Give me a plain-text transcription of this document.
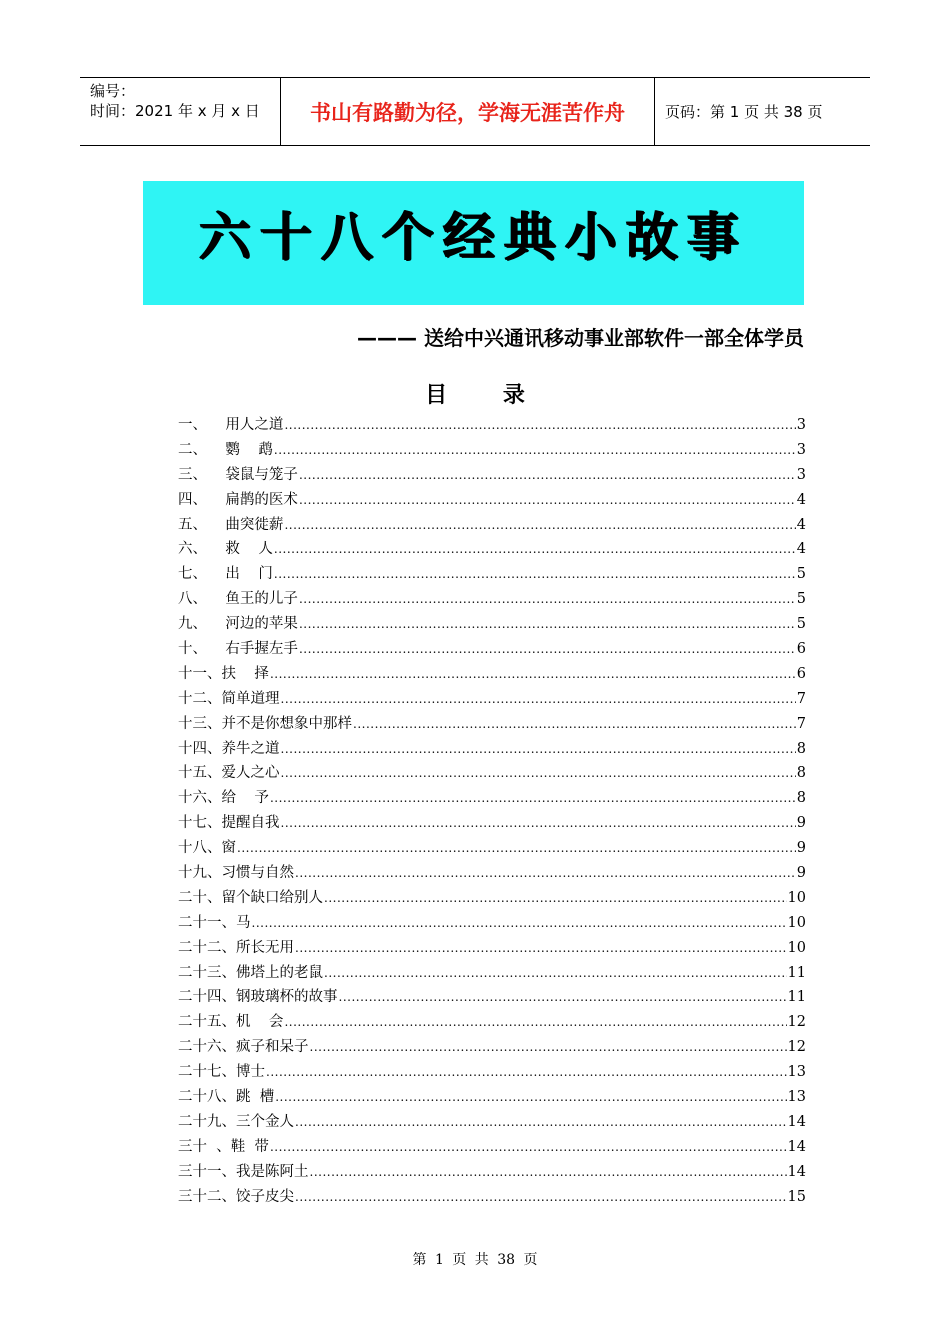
编号：
时间：2021 年 x 月 x 日	书山有路勤为径，学海无涯苦作舟	页码：第 1 页 共 38 页
六十八个经典小故事
——— 送给中兴通讯移动事业部软件一部全体学员
目 录
一、 用人之道 .....	3
二、 鹦    鹉 .....	3
三、 袋鼠与笼子 .....	3
四、 扁鹊的医术 .....	4
五、 曲突徙薪 .....	4
六、 救    人 .....	4
七、 出    门 .....	5
八、 鱼王的儿子 .....	5
九、 河边的苹果 .....	5
十、 右手握左手 .....	6
十一、 扶    择 .....	6
十二、 简单道理 .....	7
十三、 并不是你想象中那样 .....	7
十四、 养牛之道 .....	8
十五、 爱人之心 .....	8
十六、 给    予 .....	8
十七、 提醒自我 .....	9
十八、 窗 .....	9
十九、 习惯与自然 .....	9
二十、 留个缺口给别人 .....	10
二十一、 马 .....	10
二十二、 所长无用 .....	10
二十三、 佛塔上的老鼠 .....	11
二十四、 钢玻璃杯的故事 .....	11
二十五、 机    会 .....	12
二十六、 疯子和呆子 .....	12
二十七、 博士 .....	13
二十八、 跳  槽 .....	13
二十九、 三个金人 .....	14
三十  、 鞋  带 .....	14
三十一、 我是陈阿土 .....	14
三十二、 饺子皮尖 .....	15
第 1 页 共 38 页
